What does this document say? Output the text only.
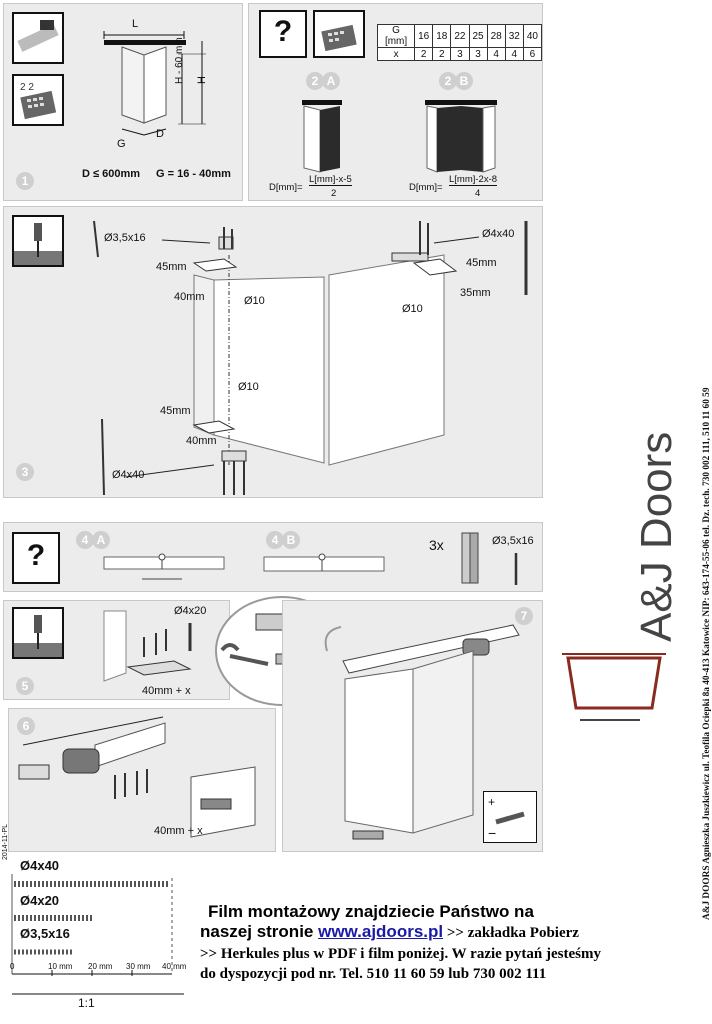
2 2
L
H - 60 mm H
D
G
D ≤ 600mm G = 16 - 40mm
1
?	G [mm]	16	18	22	25	28	32	40
x	2	2	3	3	4	4	6
2 A
D[mm]=
L[mm]-x-5
2
2 B
D[mm]=
L[mm]-2x-8
4
Ø3,5x16	Ø4x40
Ø4x40
45mm
40mm	Ø10
45mm
35mm
Ø10
Ø10
45mm
40mm
3
?	4 A	4 B	3x	Ø3,5x16
Ø4x20
40mm + x
5
40mm + x
6
2014-11-PL
+
−
7 A&J Doors A&J DOORS Agnieszka Juszkiewicz ul. Teofila Ociepki 8a 40-413 Katowice NIP: 643-174-55-06 tel. Dz. tech. 730 002 111, 510 11 60 59
Ø4x40
Ø4x20
Ø3,5x16
0	10 mm 20 mm 30 mm 40 mm
1:1
Film montażowy znajdziecie Państwo na
naszej stronie www.ajdoors.pl >> zakładka Pobierz
>> Herkules plus w PDF i film poniżej. W razie pytań jesteśmy
do dyspozycji pod nr. Tel. 510 11 60 59 lub 730 002 111
